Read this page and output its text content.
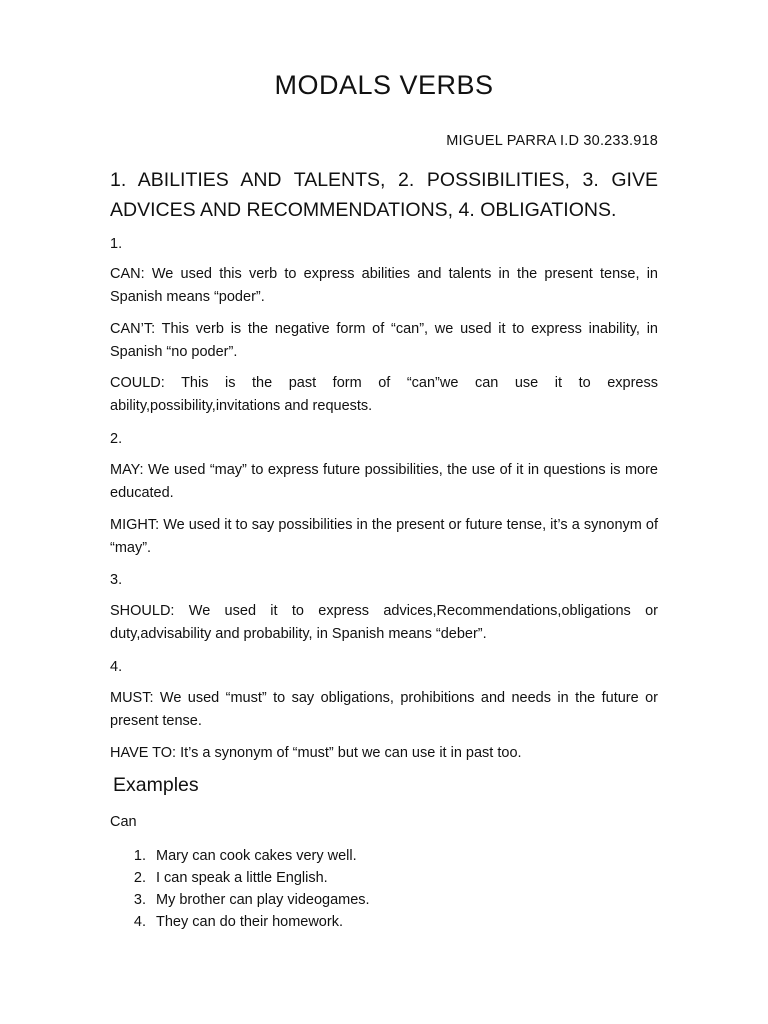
MODALS VERBS
MIGUEL PARRA I.D 30.233.918
1. ABILITIES AND TALENTS, 2. POSSIBILITIES, 3. GIVE ADVICES AND RECOMMENDATIONS, 4. OBLIGATIONS.
1.

CAN: We used this verb to express abilities and talents in the present tense, in Spanish means “poder”.

CAN’T: This verb is the negative form of “can”, we used it to express inability, in Spanish “no poder”.

COULD: This is the past form of “can”we can use it to express ability,possibility,invitations and requests.

2.

MAY: We used “may” to express future possibilities, the use of it in questions is more educated.

MIGHT: We used it to say possibilities in the present or future tense, it’s a synonym of “may”.

3.

SHOULD: We used it to express advices,Recommendations,obligations or duty,advisability and probability, in Spanish means “deber”.

4.

MUST: We used “must” to say obligations, prohibitions and needs in the future or present tense.

HAVE TO: It’s a synonym of “must” but we can use it in past too.

Examples
Can
1. Mary can cook cakes very well.
2. I can speak a little English.
3. My brother can play videogames.
4. They can do their homework.
